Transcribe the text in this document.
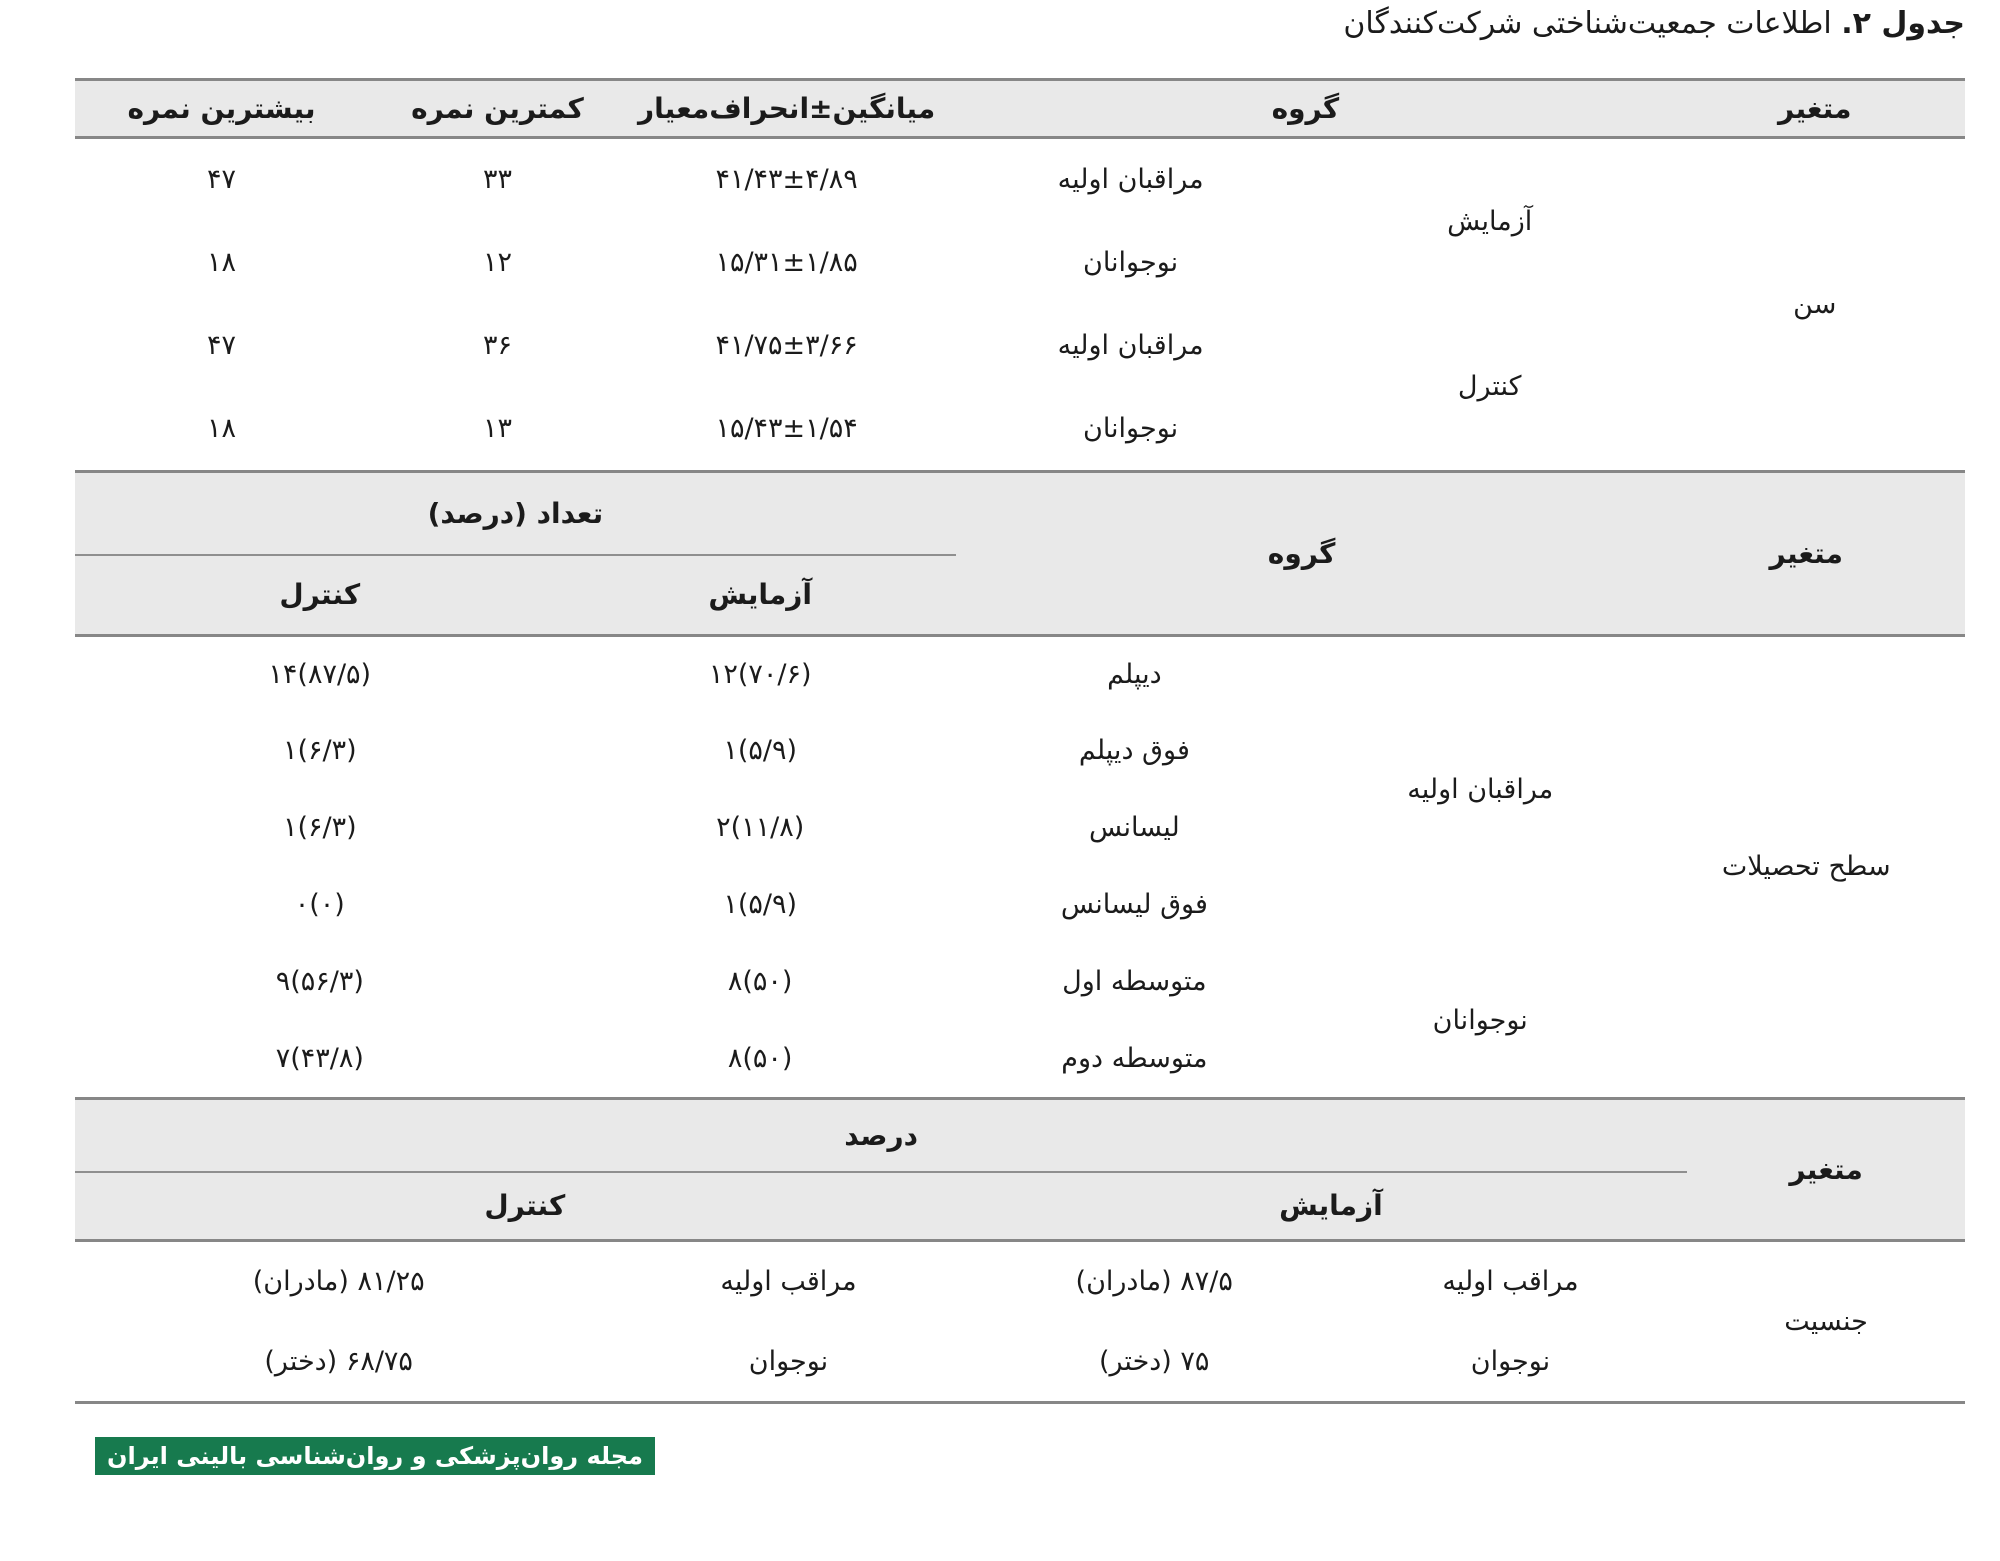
جدول ۲. اطلاعات جمعیت‌شناختی شرکت‌کنندگان
متغیر	گروه		میانگین±انحراف‌معیار	کمترین نمره	بیشترین نمره
سن	آزمایش	مراقبان اولیه	۴۱/۴۳±۴/۸۹	۳۳	۴۷
		نوجوانان	۱۵/۳۱±۱/۸۵	۱۲	۱۸
	کنترل	مراقبان اولیه	۴۱/۷۵±۳/۶۶	۳۶	۴۷
		نوجوانان	۱۵/۴۳±۱/۵۴	۱۳	۱۸
متغیر	گروه		تعداد (درصد)	
			آزمایش	کنترل
سطح تحصیلات	مراقبان اولیه	دیپلم	۱۲(۷۰/۶)	۱۴(۸۷/۵)
		فوق دیپلم	۱(۵/۹)	۱(۶/۳)
		لیسانس	۲(۱۱/۸)	۱(۶/۳)
		فوق لیسانس	۱(۵/۹)	۰(۰)
	نوجوانان	متوسطه اول	۸(۵۰)	۹(۵۶/۳)
		متوسطه دوم	۸(۵۰)	۷(۴۳/۸)
متغیر	درصد			
	آزمایش		کنترل	
جنسیت	مراقب اولیه	۸۷/۵ (مادران)	مراقب اولیه	۸۱/۲۵ (مادران)
	نوجوان	۷۵ (دختر)	نوجوان	۶۸/۷۵ (دختر)
مجله روان‌پزشکی و روان‌شناسی بالینی ایران
